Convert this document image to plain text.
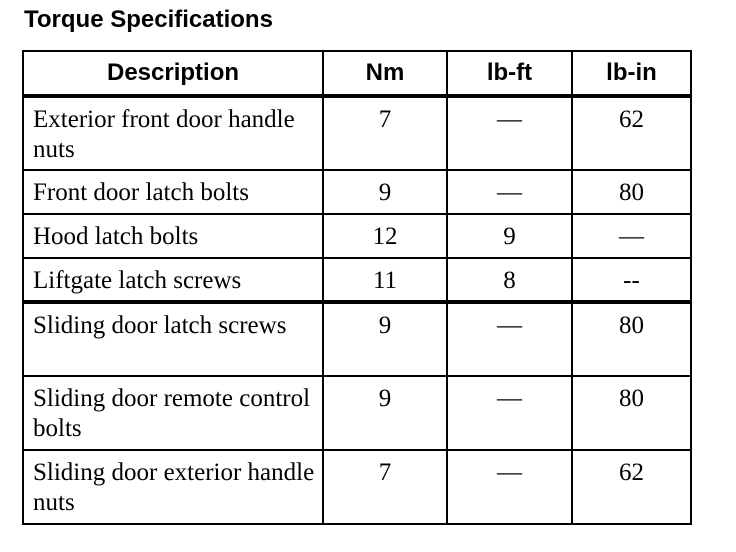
Torque Specifications
Description	Nm	lb-ft	lb-in
Exterior front door handle nuts	7	—	62
Front door latch bolts	9	—	80
Hood latch bolts	12	9	—
Liftgate latch screws	11	8	--
Sliding door latch screws	9	—	80
Sliding door remote control bolts	9	—	80
Sliding door exterior handle nuts	7	—	62
